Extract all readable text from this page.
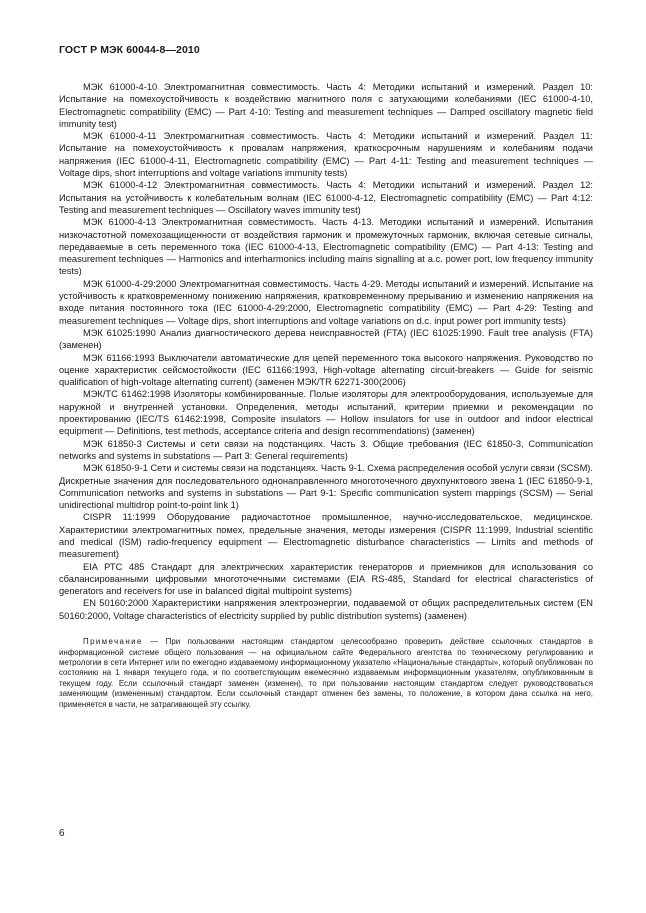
ГОСТ Р МЭК 60044-8—2010

МЭК 61000-4-10 Электромагнитная совместимость. Часть 4: Методики испытаний и измерений. Раздел 10: Испытание на помехоустойчивость к воздействию магнитного поля с затухающими колебаниями (IEC 61000-4-10, Electromagnetic compatibility (EMC) — Part 4-10: Testing and measurement techniques — Damped oscillatory magnetic field immunity test)

МЭК 61000-4-11 Электромагнитная совместимость. Часть 4: Методики испытаний и измерений. Раздел 11: Испытание на помехоустойчивость к провалам напряжения, краткосрочным нарушениям и колебаниям подачи напряжения (IEC 61000-4-11, Electromagnetic compatibility (EMC) — Part 4-11: Testing and measurement techniques — Voltage dips, short interruptions and voltage variations immunity tests)

МЭК 61000-4-12 Электромагнитная совместимость. Часть 4: Методики испытаний и измерений. Раздел 12: Испытания на устойчивость к колебательным волнам (IEC 61000-4-12, Electromagnetic compatibility (EMC) — Part 4:12: Testing and measurement techniques — Oscillatory waves immunity test)

МЭК 61000-4-13 Электромагнитная совместимость. Часть 4-13. Методики испытаний и измерений. Испытания низкочастотной помехозащищенности от воздействия гармоник и промежуточных гармоник, включая сетевые сигналы, передаваемые в сеть переменного тока (IEC 61000-4-13, Electromagnetic compatibility (EMC) — Part 4-13: Testing and measurement techniques — Harmonics and interharmonics including mains signalling at a.c. power port, low frequency immunity tests)

МЭК 61000-4-29:2000 Электромагнитная совместимость. Часть 4-29. Методы испытаний и измерений. Испытание на устойчивость к кратковременному понижению напряжения, кратковременному прерыванию и изменению напряжения на входе питания постоянного тока (IEC 61000-4-29:2000, Electromagnetic compatibility (EMC) — Part 4-29: Testing and measurement techniques — Voltage dips, short interruptions and voltage variations on d.c. input power port immunity tests)

МЭК 61025:1990 Анализ диагностического дерева неисправностей (FTA) (IEC 61025:1990. Fault tree analysis (FTA) (заменен)

МЭК 61166:1993 Выключатели автоматические для цепей переменного тока высокого напряжения. Руководство по оценке характеристик сейсмостойкости (IEC 61166:1993, High-voltage alternating circuit-breakers — Guide for seismic qualification of high-voltage alternating current) (заменен МЭК/TR 62271-300(2006)

МЭК/ТС 61462:1998 Изоляторы комбинированные. Полые изоляторы для электрооборудования, используемые для наружной и внутренней установки. Определения, методы испытаний, критерии приемки и рекомендации по проектированию (IEC/TS 61462:1998, Composite insulators — Hollow insulators for use in outdoor and indoor electrical equipment — Definitions, test methods, acceptance criteria and design recommendations) (заменен)

МЭК 61850-3 Системы и сети связи на подстанциях. Часть 3. Общие требования (IEC 61850-3, Communication networks and systems in substations — Part 3: General requirements)

МЭК 61850-9-1 Сети и системы связи на подстанциях. Часть 9-1. Схема распределения особой услуги связи (SCSM). Дискретные значения для последовательного однонаправленного многоточечного двухпунктового звена 1 (IEC 61850-9-1, Communication networks and systems in substations — Part 9-1: Specific communication system mappings (SCSM) — Serial unidirectional multidrop point-to-point link 1)

CISPR 11:1999 Оборудование радиочастотное промышленное, научно-исследовательское, медицинское. Характеристики электромагнитных помех, предельные значения, методы измерения (CISPR 11:1999, Industrial scientific and medical (ISM) radio-frequency equipment — Electromagnetic disturbance characteristics — Limits and methods of measurement)

EIA РТС 485 Стандарт для электрических характеристик генераторов и приемников для использования со сбалансированными цифровыми многоточечными системами (EIA RS-485, Standard for electrical characteristics of generators and receivers for use in balanced digital multipoint systems)

EN 50160:2000 Характеристики напряжения электроэнергии, подаваемой от общих распределительных систем (EN 50160:2000, Voltage characteristics of electricity supplied by public distribution systems) (заменен)

Примечание — При пользовании настоящим стандартом целесообразно проверить действие ссылочных стандартов в информационной системе общего пользования — на официальном сайте Федерального агентства по техническому регулированию и метрологии в сети Интернет или по ежегодно издаваемому информационному указателю «Национальные стандарты», который опубликован по состоянию на 1 января текущего года, и по соответствующим ежемесячно издаваемым информационным указателям, опубликованным в текущем году. Если ссылочный стандарт заменен (изменен), то при пользовании настоящим стандартом следует руководствоваться заменяющим (измененным) стандартом. Если ссылочный стандарт отменен без замены, то положение, в котором дана ссылка на него, применяется в части, не затрагивающей эту ссылку.

6
